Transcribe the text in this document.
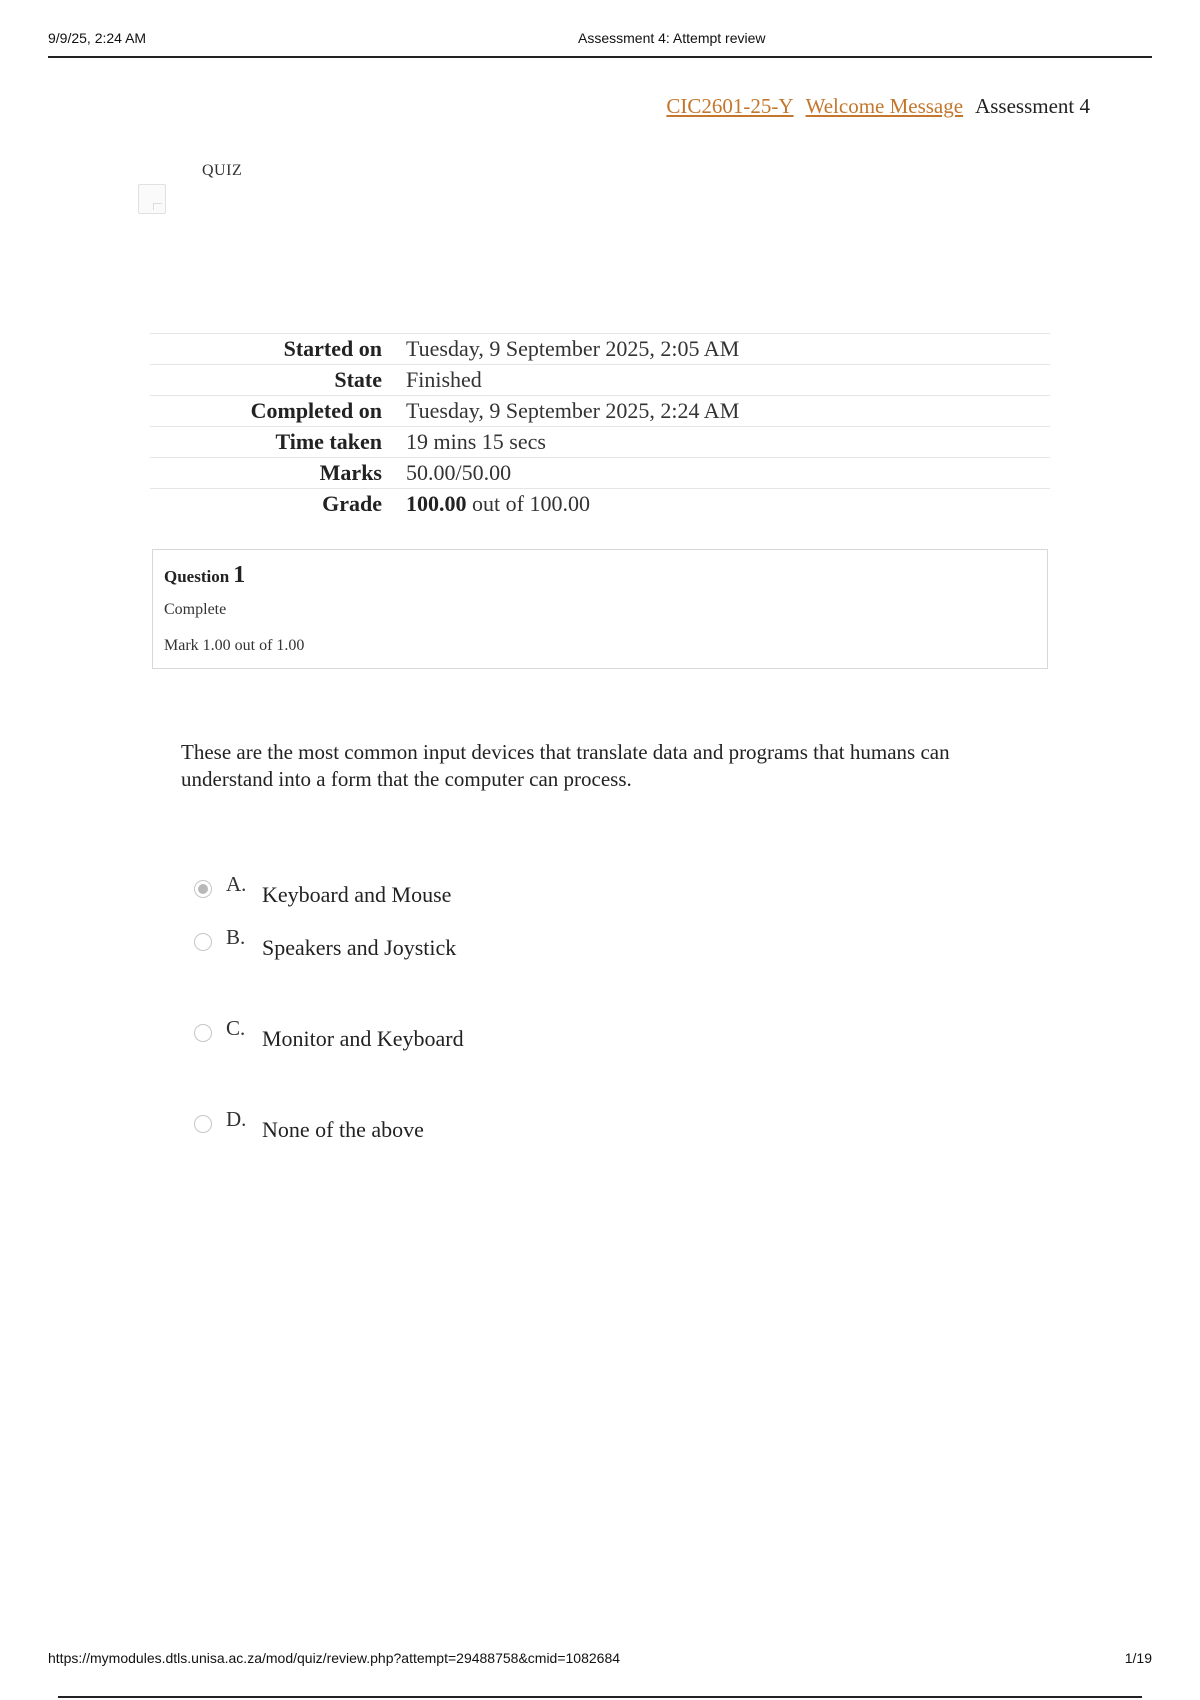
9/9/25, 2:24 AM	Assessment 4: Attempt review
CIC2601-25-Y Welcome Message Assessment 4
QUIZ
Started on	Tuesday, 9 September 2025, 2:05 AM
State	Finished
Completed on	Tuesday, 9 September 2025, 2:24 AM
Time taken	19 mins 15 secs
Marks	50.00/50.00
Grade	100.00 out of 100.00
Question 1
Complete
Mark 1.00 out of 1.00
These are the most common input devices that translate data and programs that humans can understand into a form that the computer can process.
A. Keyboard and Mouse
B. Speakers and Joystick
C. Monitor and Keyboard
D. None of the above
https://mymodules.dtls.unisa.ac.za/mod/quiz/review.php?attempt=29488758&cmid=1082684	1/19
